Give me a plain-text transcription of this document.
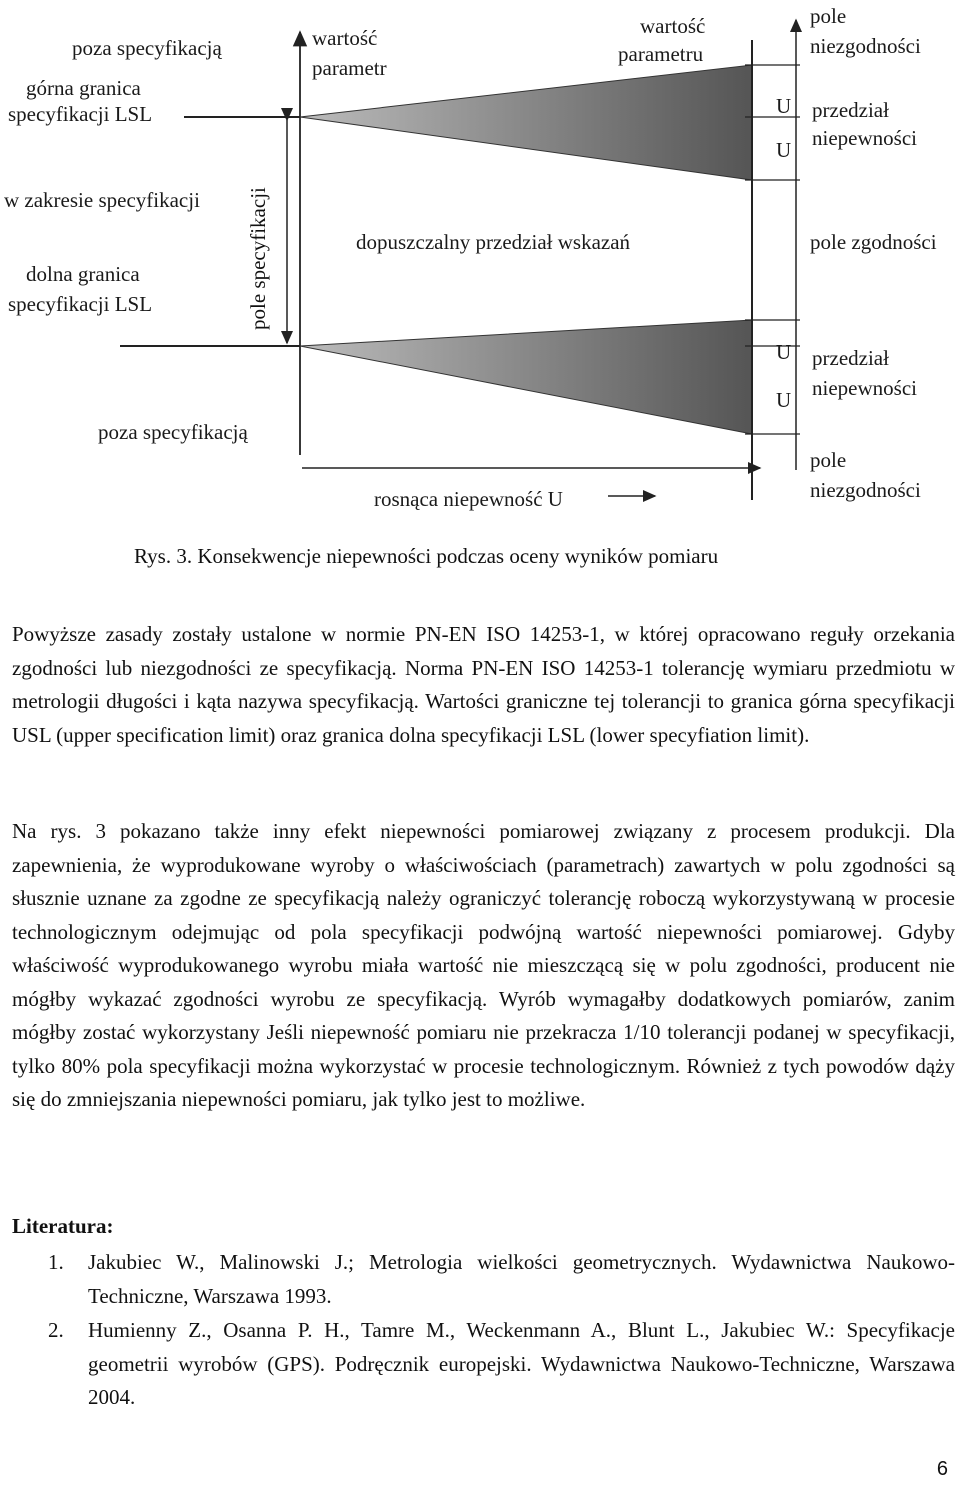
poza specyfikacją
górna granica
specyfikacji LSL
w zakresie specyfikacji
dolna granica
specyfikacji LSL
poza specyfikacją
pole specyfikacji
wartość
parametr
wartość
parametru
dopuszczalny przedział wskazań
rosnąca niepewność U
U
U
U
U
pole
niezgodności
przedział
niepewności
pole zgodności
przedział
niepewności
pole
niezgodności
Rys. 3. Konsekwencje niepewności podczas oceny wyników pomiaru

Powyższe zasady zostały ustalone w normie PN-EN ISO 14253-1, w której opracowano reguły orzekania zgodności lub niezgodności ze specyfikacją. Norma PN-EN ISO 14253-1 tolerancję wymiaru przedmiotu w metrologii długości i kąta nazywa specyfikacją. Wartości graniczne tej tolerancji to granica górna specyfikacji USL (upper specification limit) oraz granica dolna specyfikacji LSL (lower specyfiation limit).

Na rys. 3 pokazano także inny efekt niepewności pomiarowej związany z procesem produkcji. Dla zapewnienia, że wyprodukowane wyroby o właściwościach (parametrach) zawartych w polu zgodności są słusznie uznane za zgodne ze specyfikacją należy ograniczyć tolerancję roboczą wykorzystywaną w procesie technologicznym odejmując od pola specyfikacji podwójną wartość niepewności pomiarowej. Gdyby właściwość wyprodukowanego wyrobu miała wartość nie mieszczącą się w polu zgodności, producent nie mógłby wykazać zgodności wyrobu ze specyfikacją. Wyrób wymagałby dodatkowych pomiarów, zanim mógłby zostać wykorzystany Jeśli niepewność pomiaru nie przekracza 1/10 tolerancji podanej w specyfikacji, tylko 80% pola specyfikacji można wykorzystać w procesie technologicznym. Również z tych powodów dąży się do zmniejszania niepewności pomiaru, jak tylko jest to możliwe.

Literatura:
1. Jakubiec W., Malinowski J.; Metrologia wielkości geometrycznych. Wydawnictwa Naukowo-Techniczne, Warszawa 1993.
2. Humienny Z., Osanna P. H., Tamre M., Weckenmann A., Blunt L., Jakubiec W.: Specyfikacje geometrii wyrobów (GPS). Podręcznik europejski. Wydawnictwa Naukowo-Techniczne, Warszawa 2004.
6
